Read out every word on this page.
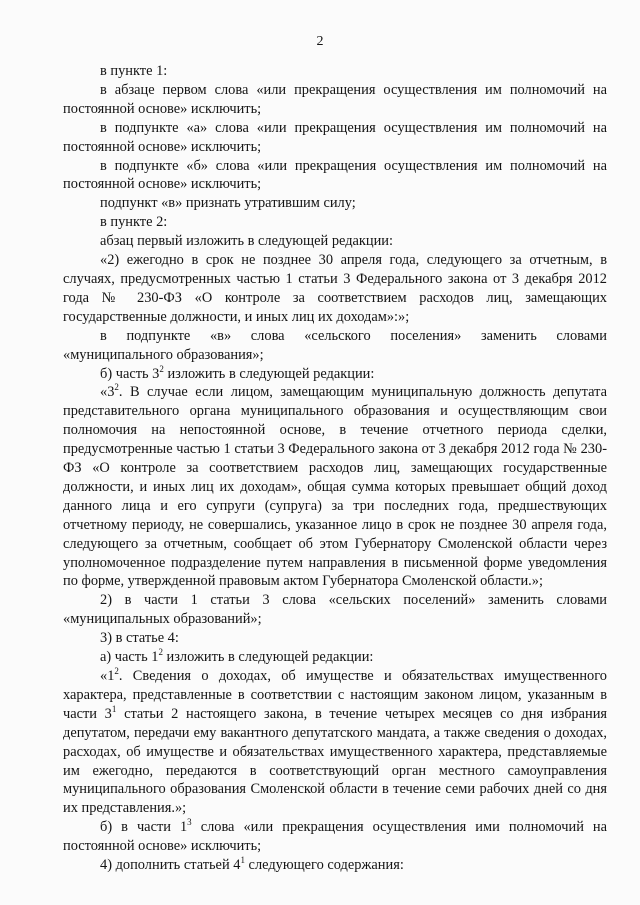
2

в пункте 1:

в абзаце первом слова «или прекращения осуществления им полномочий на постоянной основе» исключить;

в подпункте «а» слова «или прекращения осуществления им полномочий на постоянной основе» исключить;

в подпункте «б» слова «или прекращения осуществления им полномочий на постоянной основе» исключить;

подпункт «в» признать утратившим силу;

в пункте 2:

абзац первый изложить в следующей редакции:

«2) ежегодно в срок не позднее 30 апреля года, следующего за отчетным, в случаях, предусмотренных частью 1 статьи 3 Федерального закона от 3 декабря 2012 года № 230-ФЗ «О контроле за соответствием расходов лиц, замещающих государственные должности, и иных лиц их доходам»:»;

в подпункте «в» слова «сельского поселения» заменить словами «муниципального образования»;

б) часть $3^2$ изложить в следующей редакции:

«$3^2$. В случае если лицом, замещающим муниципальную должность депутата представительного органа муниципального образования и осуществляющим свои полномочия на непостоянной основе, в течение отчетного периода сделки, предусмотренные частью 1 статьи 3 Федерального закона от 3 декабря 2012 года № 230-ФЗ «О контроле за соответствием расходов лиц, замещающих государственные должности, и иных лиц их доходам», общая сумма которых превышает общий доход данного лица и его супруги (супруга) за три последних года, предшествующих отчетному периоду, не совершались, указанное лицо в срок не позднее 30 апреля года, следующего за отчетным, сообщает об этом Губернатору Смоленской области через уполномоченное подразделение путем направления в письменной форме уведомления по форме, утвержденной правовым актом Губернатора Смоленской области.»;

2) в части 1 статьи 3 слова «сельских поселений» заменить словами «муниципальных образований»;

3) в статье 4:

а) часть $1^2$ изложить в следующей редакции:

«$1^2$. Сведения о доходах, об имуществе и обязательствах имущественного характера, представленные в соответствии с настоящим законом лицом, указанным в части $3^1$ статьи 2 настоящего закона, в течение четырех месяцев со дня избрания депутатом, передачи ему вакантного депутатского мандата, а также сведения о доходах, расходах, об имуществе и обязательствах имущественного характера, представляемые им ежегодно, передаются в соответствующий орган местного самоуправления муниципального образования Смоленской области в течение семи рабочих дней со дня их представления.»;

б) в части $1^3$ слова «или прекращения осуществления ими полномочий на постоянной основе» исключить;

4) дополнить статьей $4^1$ следующего содержания:
